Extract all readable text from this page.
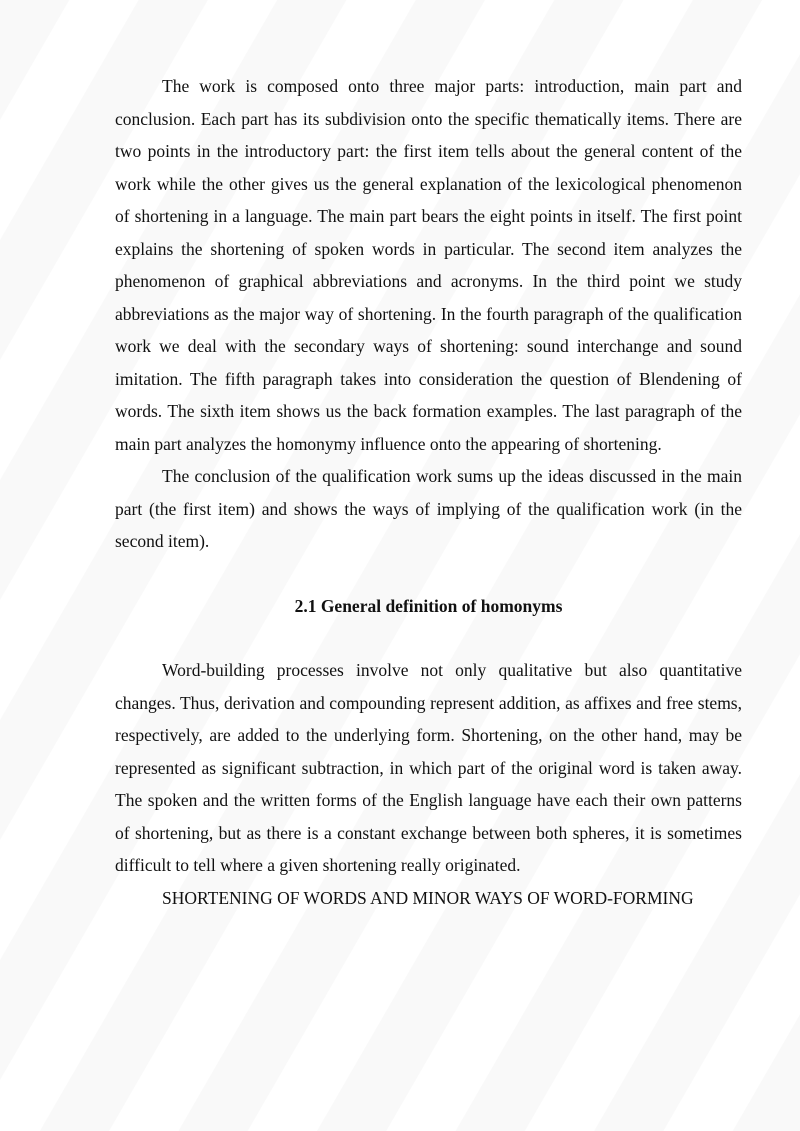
The work is composed onto three major parts: introduction, main part and conclusion. Each part has its subdivision onto the specific thematically items. There are two points in the introductory part: the first item tells about the general content of the work while the other gives us the general explanation of the lexicological phenomenon of shortening in a language. The main part bears the eight points in itself. The first point explains the shortening of spoken words in particular. The second item analyzes the phenomenon of graphical abbreviations and acronyms. In the third point we study abbreviations as the major way of shortening. In the fourth paragraph of the qualification work we deal with the secondary ways of shortening: sound interchange and sound imitation. The fifth paragraph takes into consideration the question of Blendening of words. The sixth item shows us the back formation examples. The last paragraph of the main part analyzes the homonymy influence onto the appearing of shortening.

The conclusion of the qualification work sums up the ideas discussed in the main part (the first item) and shows the ways of implying of the qualification work (in the second item).

2.1 General definition of homonyms

Word-building processes involve not only qualitative but also quantitative changes. Thus, derivation and compounding represent addition, as affixes and free stems, respectively, are added to the underlying form. Shortening, on the other hand, may be represented as significant subtraction, in which part of the original word is taken away. The spoken and the written forms of the English language have each their own patterns of shortening, but as there is a constant exchange between both spheres, it is sometimes difficult to tell where a given shortening really originated.

SHORTENING OF WORDS AND MINOR WAYS OF WORD-FORMING
